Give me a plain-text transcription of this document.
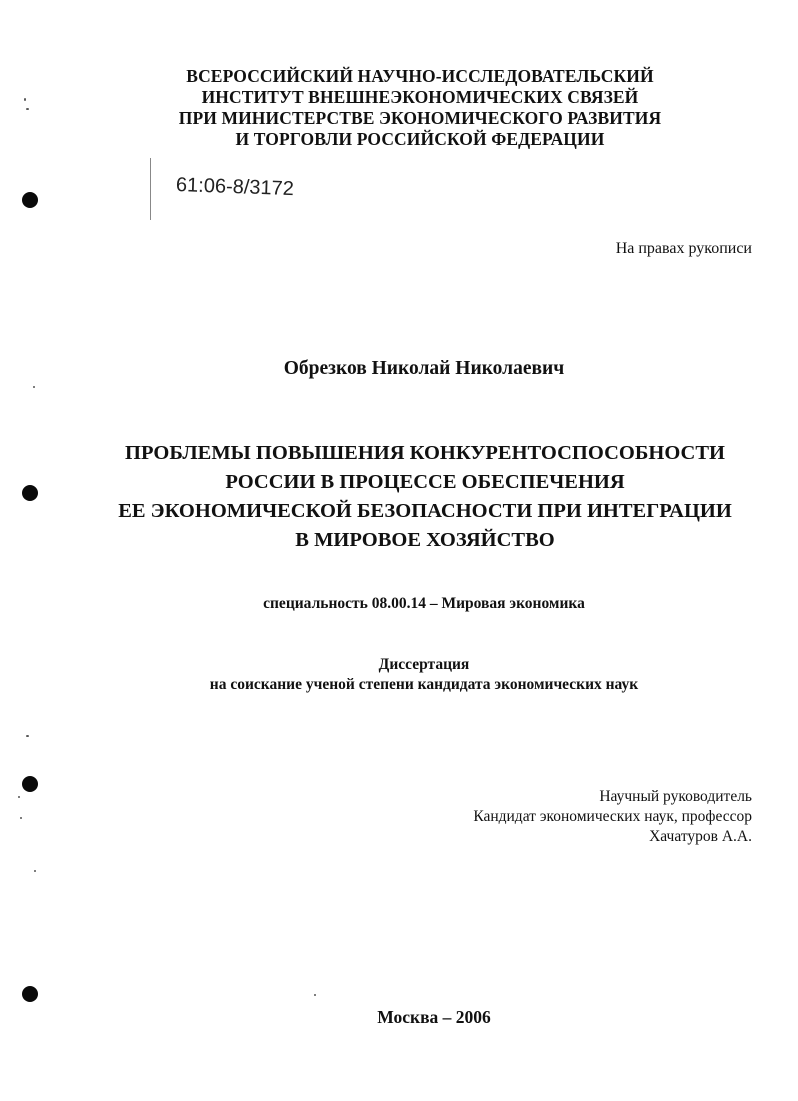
ВСЕРОССИЙСКИЙ НАУЧНО-ИССЛЕДОВАТЕЛЬСКИЙ
ИНСТИТУТ ВНЕШНЕЭКОНОМИЧЕСКИХ СВЯЗЕЙ
ПРИ МИНИСТЕРСТВЕ ЭКОНОМИЧЕСКОГО РАЗВИТИЯ
И ТОРГОВЛИ РОССИЙСКОЙ ФЕДЕРАЦИИ
61:06-8/3172
На правах рукописи
Обрезков Николай Николаевич
ПРОБЛЕМЫ ПОВЫШЕНИЯ КОНКУРЕНТОСПОСОБНОСТИ
РОССИИ В ПРОЦЕССЕ ОБЕСПЕЧЕНИЯ
ЕЕ ЭКОНОМИЧЕСКОЙ БЕЗОПАСНОСТИ ПРИ ИНТЕГРАЦИИ
В МИРОВОЕ ХОЗЯЙСТВО
специальность 08.00.14 – Мировая экономика
Диссертация
на соискание ученой степени кандидата экономических наук
Научный руководитель
Кандидат экономических наук, профессор
Хачатуров А.А.
Москва – 2006
